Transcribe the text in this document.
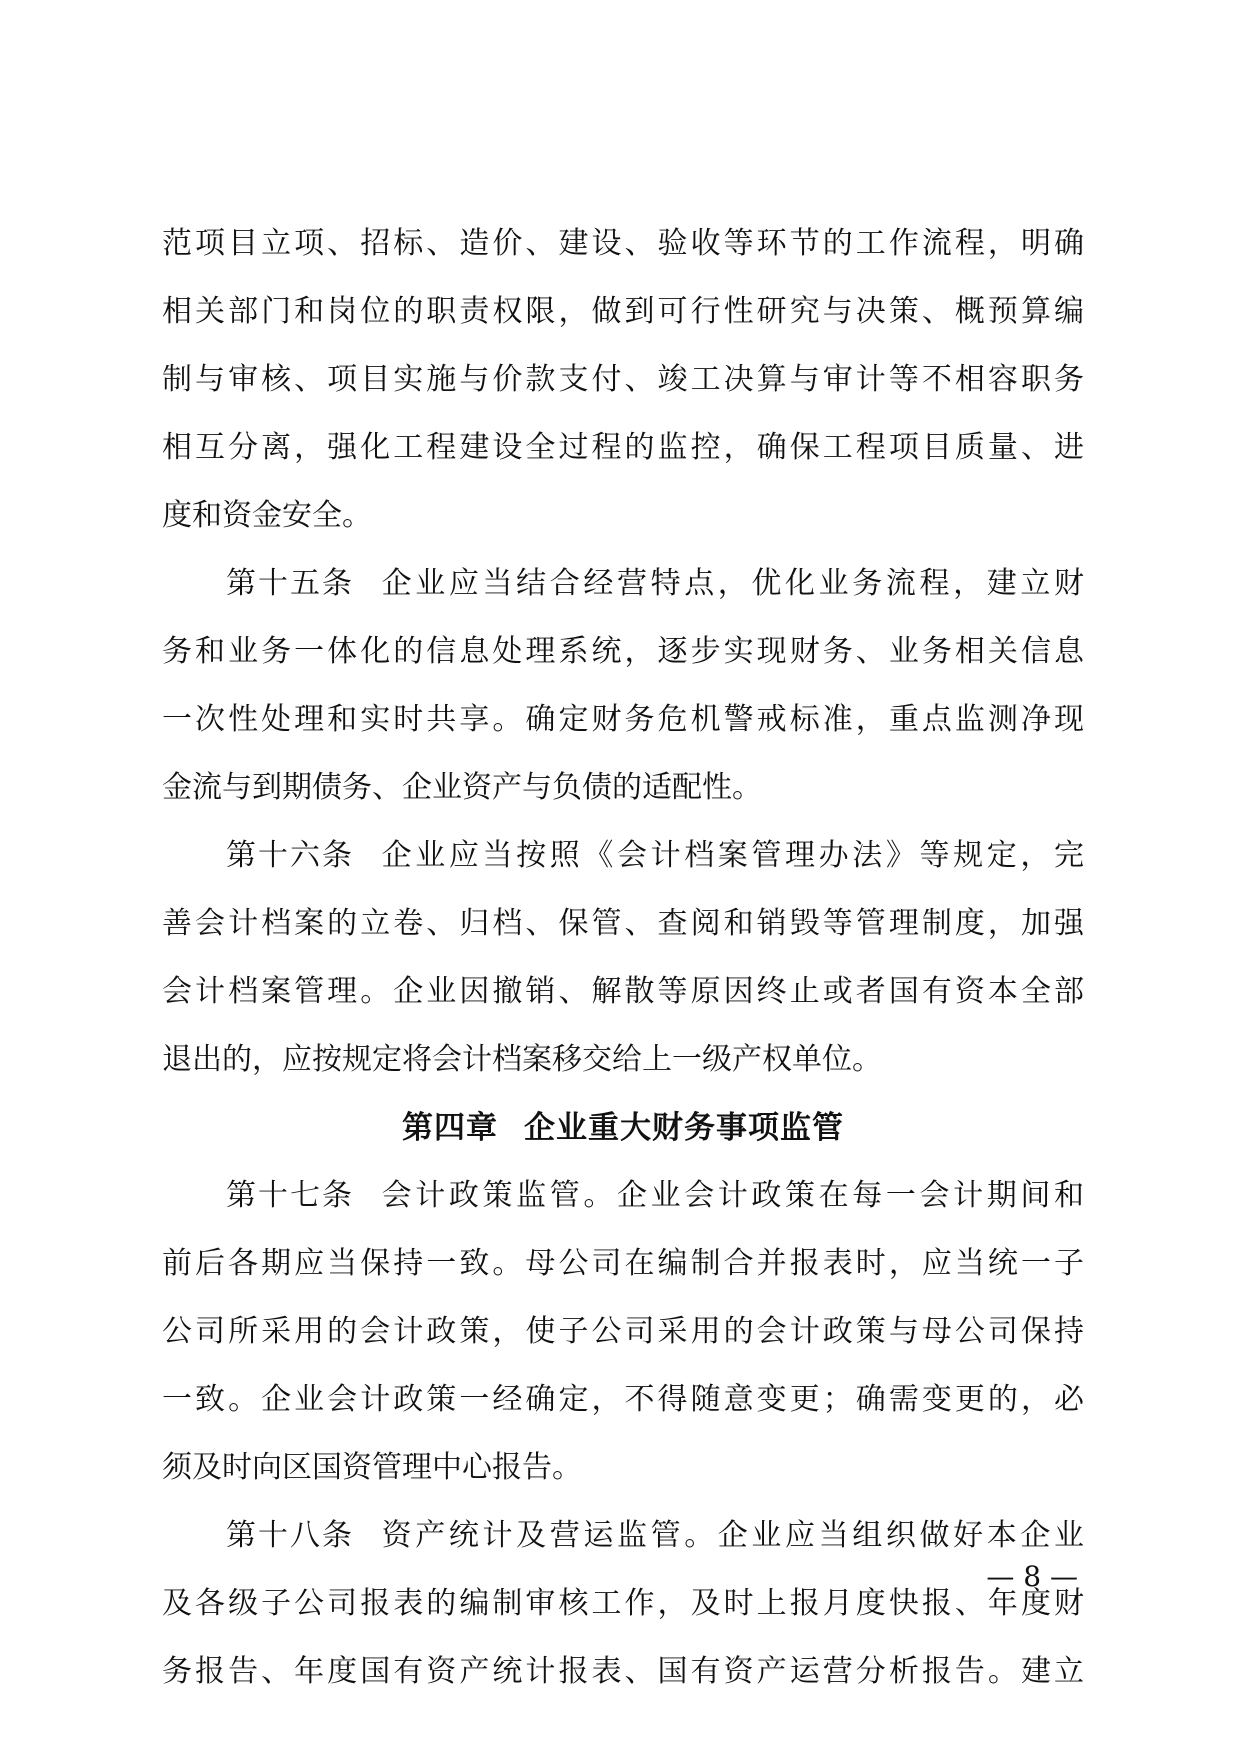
范项目立项、招标、造价、建设、验收等环节的工作流程，明确
相关部门和岗位的职责权限，做到可行性研究与决策、概预算编
制与审核、项目实施与价款支付、竣工决算与审计等不相容职务
相互分离，强化工程建设全过程的监控，确保工程项目质量、进
度和资金安全。
第十五条 企业应当结合经营特点，优化业务流程，建立财
务和业务一体化的信息处理系统，逐步实现财务、业务相关信息
一次性处理和实时共享。确定财务危机警戒标准，重点监测净现
金流与到期债务、企业资产与负债的适配性。
第十六条 企业应当按照《会计档案管理办法》等规定，完
善会计档案的立卷、归档、保管、查阅和销毁等管理制度，加强
会计档案管理。企业因撤销、解散等原因终止或者国有资本全部
退出的，应按规定将会计档案移交给上一级产权单位。
第四章 企业重大财务事项监管
第十七条 会计政策监管。企业会计政策在每一会计期间和
前后各期应当保持一致。母公司在编制合并报表时，应当统一子
公司所采用的会计政策，使子公司采用的会计政策与母公司保持
一致。企业会计政策一经确定，不得随意变更；确需变更的，必
须及时向区国资管理中心报告。
第十八条 资产统计及营运监管。企业应当组织做好本企业
及各级子公司报表的编制审核工作，及时上报月度快报、年度财
务报告、年度国有资产统计报表、国有资产运营分析报告。建立
— 8 —
